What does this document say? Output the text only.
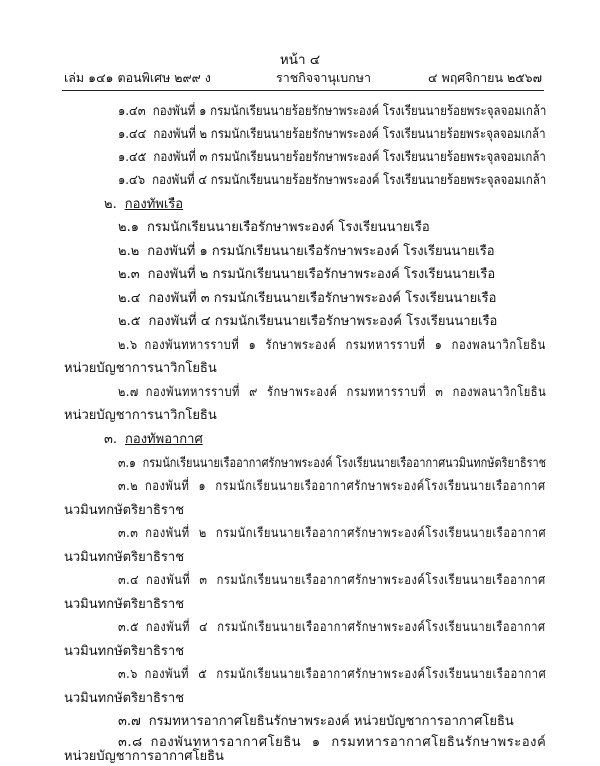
หน้า ๔
เล่ม ๑๔๑ ตอนพิเศษ ๒๙๙ ง	ราชกิจจานุเบกษา	๔ พฤศจิกายน ๒๕๖๗
๑.๔๓ กองพันที่ ๑ กรมนักเรียนนายร้อยรักษาพระองค์ โรงเรียนนายร้อยพระจุลจอมเกล้า
๑.๔๔ กองพันที่ ๒ กรมนักเรียนนายร้อยรักษาพระองค์ โรงเรียนนายร้อยพระจุลจอมเกล้า
๑.๔๕ กองพันที่ ๓ กรมนักเรียนนายร้อยรักษาพระองค์ โรงเรียนนายร้อยพระจุลจอมเกล้า
๑.๔๖ กองพันที่ ๔ กรมนักเรียนนายร้อยรักษาพระองค์ โรงเรียนนายร้อยพระจุลจอมเกล้า
๒. กองทัพเรือ
๒.๑ กรมนักเรียนนายเรือรักษาพระองค์ โรงเรียนนายเรือ
๒.๒ กองพันที่ ๑ กรมนักเรียนนายเรือรักษาพระองค์ โรงเรียนนายเรือ
๒.๓ กองพันที่ ๒ กรมนักเรียนนายเรือรักษาพระองค์ โรงเรียนนายเรือ
๒.๔ กองพันที่ ๓ กรมนักเรียนนายเรือรักษาพระองค์ โรงเรียนนายเรือ
๒.๕ กองพันที่ ๔ กรมนักเรียนนายเรือรักษาพระองค์ โรงเรียนนายเรือ
๒.๖ กองพันทหารราบที่ ๑ รักษาพระองค์ กรมทหารราบที่ ๑ กองพลนาวิกโยธิน
หน่วยบัญชาการนาวิกโยธิน
๒.๗ กองพันทหารราบที่ ๙ รักษาพระองค์ กรมทหารราบที่ ๓ กองพลนาวิกโยธิน
หน่วยบัญชาการนาวิกโยธิน
๓. กองทัพอากาศ
๓.๑ กรมนักเรียนนายเรืออากาศรักษาพระองค์ โรงเรียนนายเรืออากาศนวมินทกษัตริยาธิราช
๓.๒ กองพันที่ ๑ กรมนักเรียนนายเรืออากาศรักษาพระองค์โรงเรียนนายเรืออากาศ
นวมินทกษัตริยาธิราช
๓.๓ กองพันที่ ๒ กรมนักเรียนนายเรืออากาศรักษาพระองค์โรงเรียนนายเรืออากาศ
นวมินทกษัตริยาธิราช
๓.๔ กองพันที่ ๓ กรมนักเรียนนายเรืออากาศรักษาพระองค์โรงเรียนนายเรืออากาศ
นวมินทกษัตริยาธิราช
๓.๕ กองพันที่ ๔ กรมนักเรียนนายเรืออากาศรักษาพระองค์โรงเรียนนายเรืออากาศ
นวมินทกษัตริยาธิราช
๓.๖ กองพันที่ ๕ กรมนักเรียนนายเรืออากาศรักษาพระองค์โรงเรียนนายเรืออากาศ
นวมินทกษัตริยาธิราช
๓.๗ กรมทหารอากาศโยธินรักษาพระองค์ หน่วยบัญชาการอากาศโยธิน
๓.๘ กองพันทหารอากาศโยธิน ๑ กรมทหารอากาศโยธินรักษาพระองค์
หน่วยบัญชาการอากาศโยธิน
